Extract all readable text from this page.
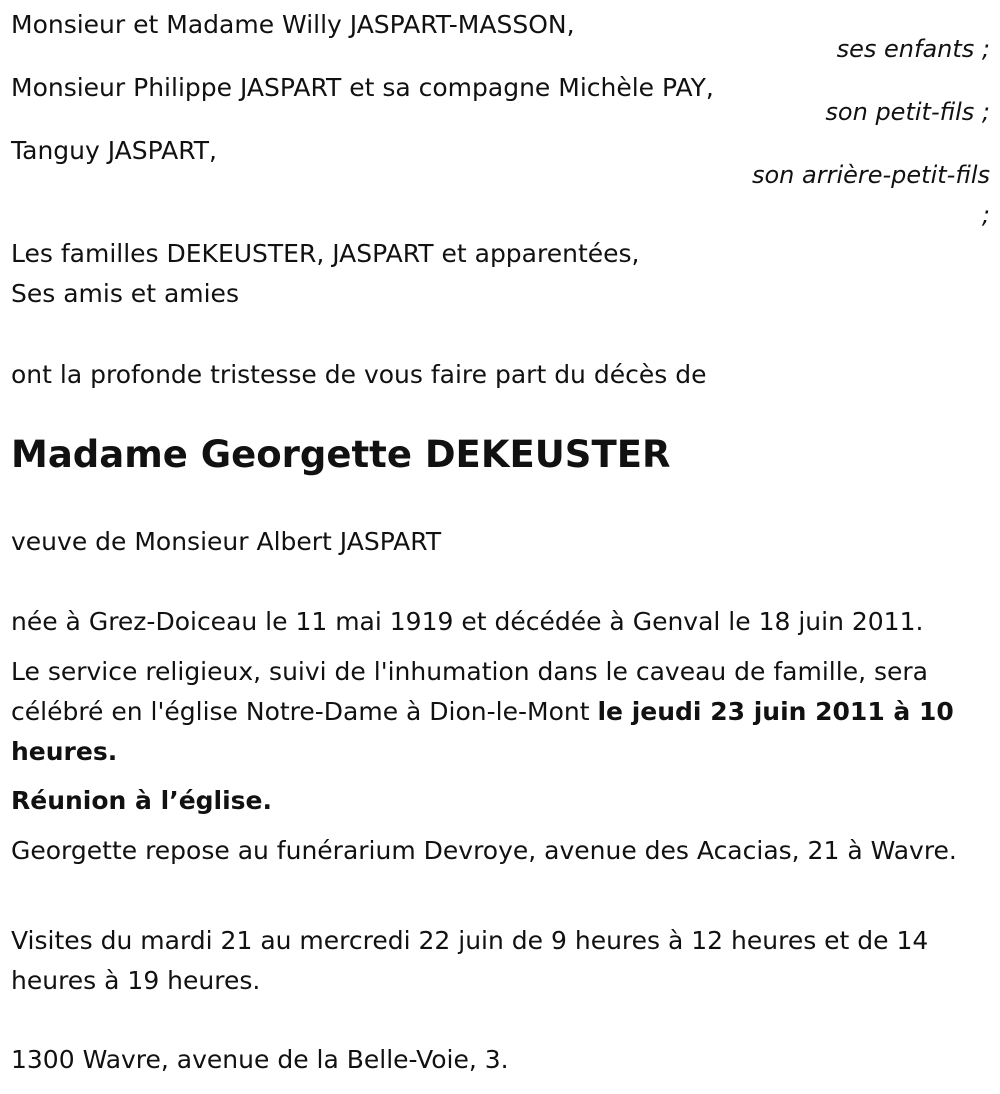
Monsieur et Madame Willy JASPART-MASSON,
ses enfants ;
Monsieur Philippe JASPART et sa compagne Michèle PAY,
son petit-fils ;
Tanguy JASPART,
son arrière-petit-fils
;
Les familles DEKEUSTER, JASPART et apparentées,
Ses amis et amies
ont la profonde tristesse de vous faire part du décès de
Madame Georgette DEKEUSTER
veuve de Monsieur Albert JASPART
née à Grez-Doiceau le 11 mai 1919 et décédée à Genval le 18 juin 2011.
Le service religieux, suivi de l'inhumation dans le caveau de famille, sera célébré en l'église Notre-Dame à Dion-le-Mont le jeudi 23 juin 2011 à 10 heures.
Réunion à l’église.
Georgette repose au funérarium Devroye, avenue des Acacias, 21 à Wavre.
Visites du mardi 21 au mercredi 22 juin de 9 heures à 12 heures et de 14 heures à 19 heures.
1300 Wavre, avenue de la Belle-Voie, 3.
